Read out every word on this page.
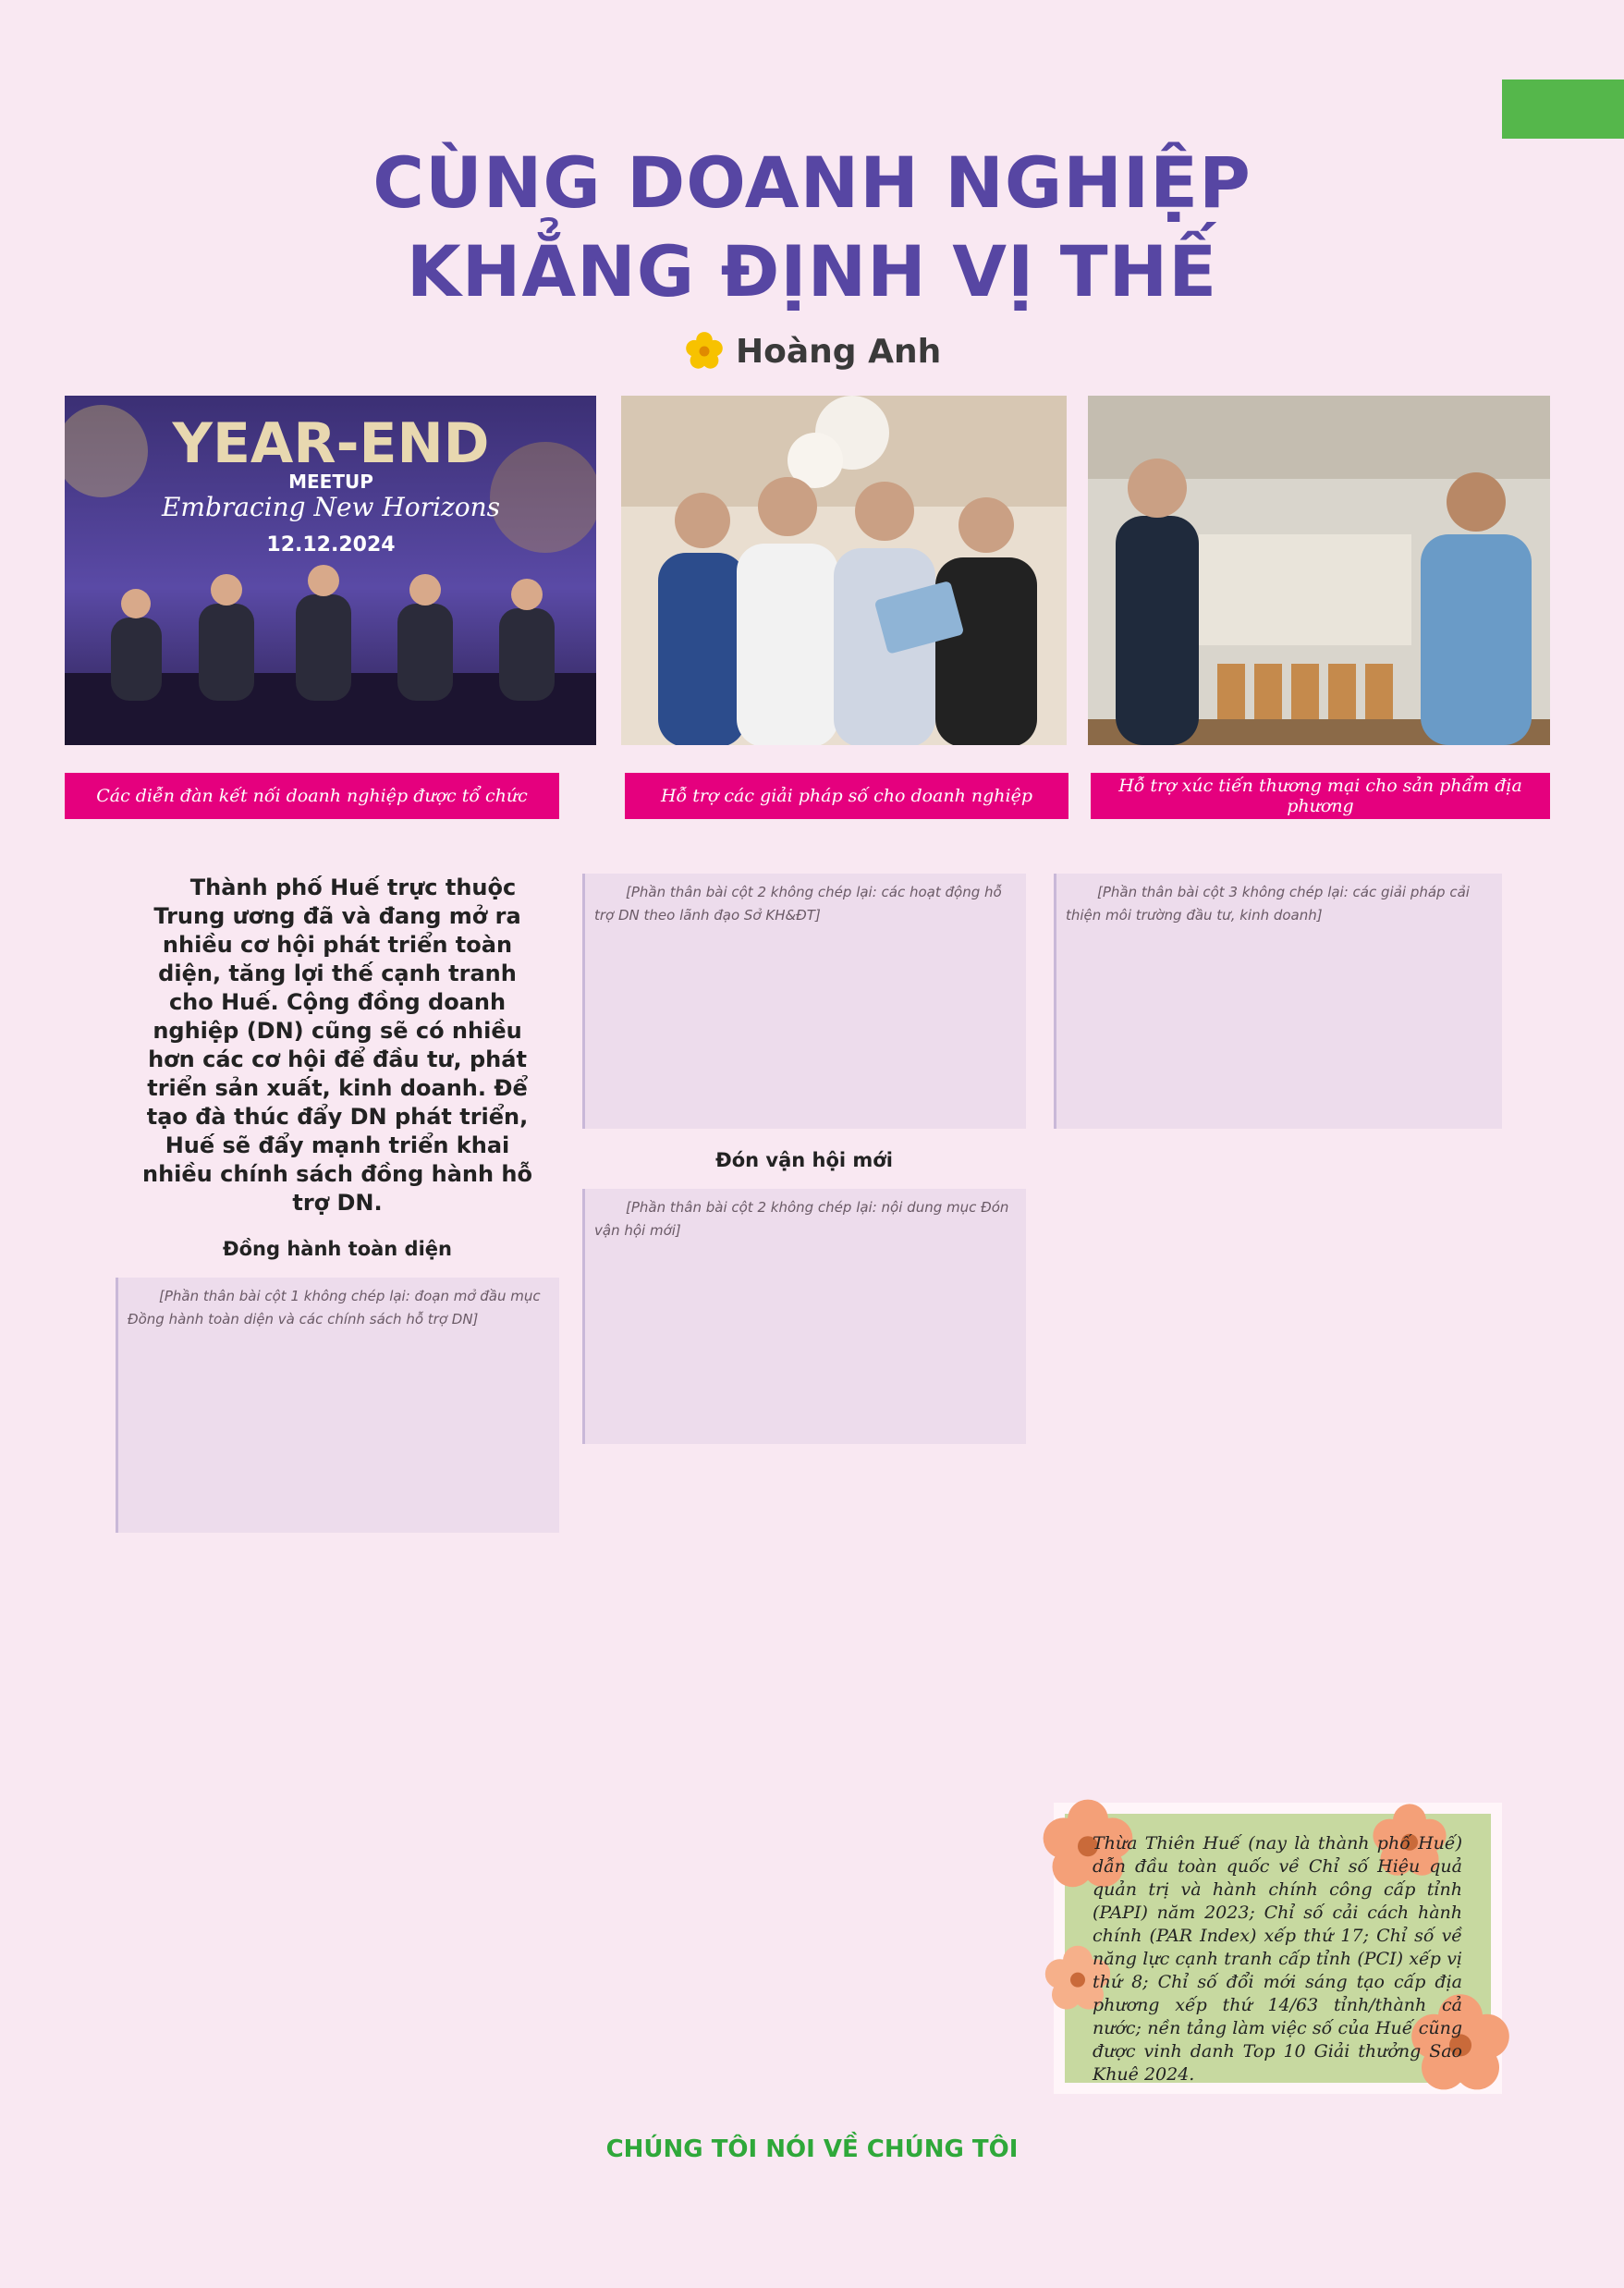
CÙNG DOANH NGHIỆP
KHẲNG ĐỊNH VỊ THẾ
Hoàng Anh
YEAR-END
MEETUP
Embracing New Horizons
12.12.2024
Các diễn đàn kết nối doanh nghiệp được tổ chức	Hỗ trợ các giải pháp số cho doanh nghiệp	Hỗ trợ xúc tiến thương mại cho sản phẩm địa phương

Thành phố Huế trực thuộc Trung ương đã và đang mở ra nhiều cơ hội phát triển toàn diện, tăng lợi thế cạnh tranh cho Huế. Cộng đồng doanh nghiệp (DN) cũng sẽ có nhiều hơn các cơ hội để đầu tư, phát triển sản xuất, kinh doanh. Để tạo đà thúc đẩy DN phát triển, Huế sẽ đẩy mạnh triển khai nhiều chính sách đồng hành hỗ trợ DN.

Đồng hành toàn diện

[Phần thân bài cột 1 không chép lại: đoạn mở đầu mục Đồng hành toàn diện và các chính sách hỗ trợ DN]

[Phần thân bài cột 2 không chép lại: các hoạt động hỗ trợ DN theo lãnh đạo Sở KH&ĐT]

Đón vận hội mới

[Phần thân bài cột 2 không chép lại: nội dung mục Đón vận hội mới]

[Phần thân bài cột 3 không chép lại: các giải pháp cải thiện môi trường đầu tư, kinh doanh]

Thừa Thiên Huế (nay là thành phố Huế) dẫn đầu toàn quốc về Chỉ số Hiệu quả quản trị và hành chính công cấp tỉnh (PAPI) năm 2023; Chỉ số cải cách hành chính (PAR Index) xếp thứ 17; Chỉ số về năng lực cạnh tranh cấp tỉnh (PCI) xếp vị thứ 8; Chỉ số đổi mới sáng tạo cấp địa phương xếp thứ 14/63 tỉnh/thành cả nước; nền tảng làm việc số của Huế cũng được vinh danh Top 10 Giải thưởng Sao Khuê 2024.
CHÚNG TÔI NÓI VỀ CHÚNG TÔI
